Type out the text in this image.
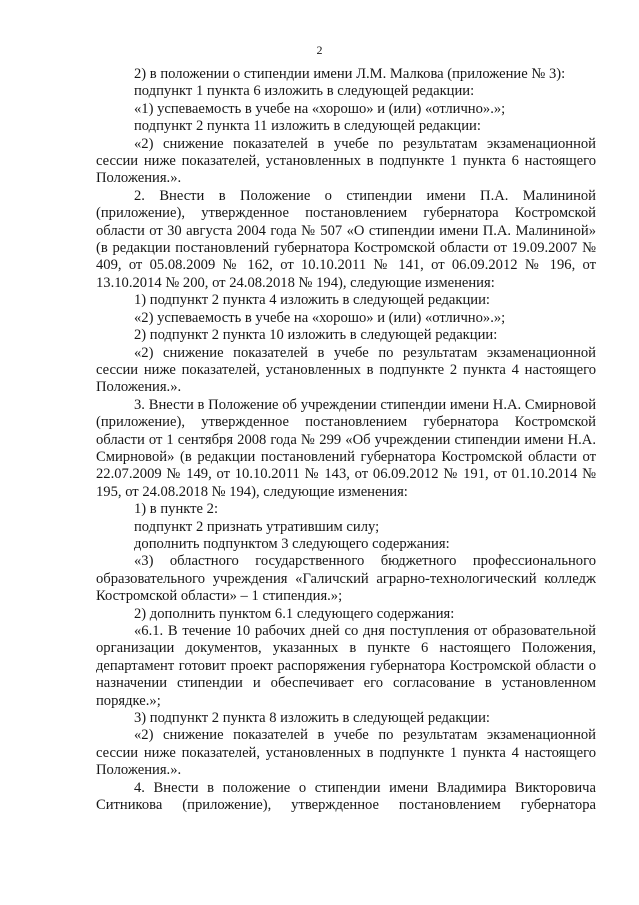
2

2) в положении о стипендии имени Л.М. Малкова (приложение № 3):

подпункт 1 пункта 6 изложить в следующей редакции:

«1) успеваемость в учебе на «хорошо» и (или) «отлично».»;

подпункт 2 пункта 11 изложить в следующей редакции:

«2) снижение показателей в учебе по результатам экзаменационной сессии ниже показателей, установленных в подпункте 1 пункта 6 настоящего Положения.».

2. Внести в Положение о стипендии имени П.А. Малининой (приложение), утвержденное постановлением губернатора Костромской области от 30 августа 2004 года № 507 «О стипендии имени П.А. Малининой» (в редакции постановлений губернатора Костромской области от 19.09.2007 № 409, от 05.08.2009 № 162, от 10.10.2011 № 141, от 06.09.2012 № 196, от 13.10.2014 № 200, от 24.08.2018 № 194), следующие изменения:

1) подпункт 2 пункта 4 изложить в следующей редакции:

«2) успеваемость в учебе на «хорошо» и (или) «отлично».»;

2) подпункт 2 пункта 10 изложить в следующей редакции:

«2) снижение показателей в учебе по результатам экзаменационной сессии ниже показателей, установленных в подпункте 2 пункта 4 настоящего Положения.».

3. Внести в Положение об учреждении стипендии имени Н.А. Смирновой (приложение), утвержденное постановлением губернатора Костромской области от 1 сентября 2008 года № 299 «Об учреждении стипендии имени Н.А. Смирновой» (в редакции постановлений губернатора Костромской области от 22.07.2009 № 149, от 10.10.2011 № 143, от 06.09.2012 № 191, от 01.10.2014 № 195, от 24.08.2018 № 194), следующие изменения:

1) в пункте 2:

подпункт 2 признать утратившим силу;

дополнить подпунктом 3 следующего содержания:

«3) областного государственного бюджетного профессионального образовательного учреждения «Галичский аграрно-технологический колледж Костромской области» – 1 стипендия.»;

2) дополнить пунктом 6.1 следующего содержания:

«6.1. В течение 10 рабочих дней со дня поступления от образовательной организации документов, указанных в пункте 6 настоящего Положения, департамент готовит проект распоряжения губернатора Костромской области о назначении стипендии и обеспечивает его согласование в установленном порядке.»;

3) подпункт 2 пункта 8 изложить в следующей редакции:

«2) снижение показателей в учебе по результатам экзаменационной сессии ниже показателей, установленных в подпункте 1 пункта 4 настоящего Положения.».

4. Внести в положение о стипендии имени Владимира Викторовича Ситникова (приложение), утвержденное постановлением губернатора
